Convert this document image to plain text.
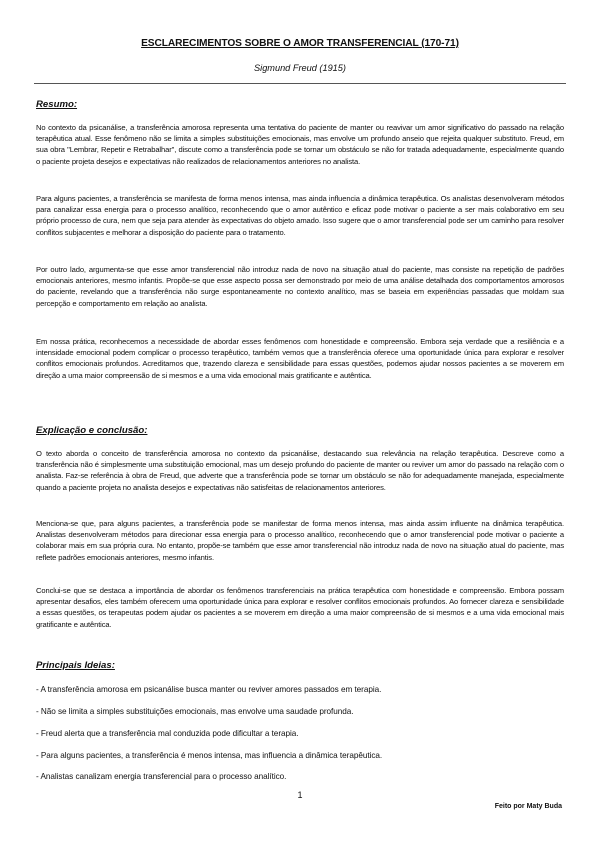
ESCLARECIMENTOS SOBRE O AMOR TRANSFERENCIAL (170-71)
Sigmund Freud (1915)
Resumo:

No contexto da psicanálise, a transferência amorosa representa uma tentativa do paciente de manter ou reavivar um amor significativo do passado na relação terapêutica atual. Esse fenômeno não se limita a simples substituições emocionais, mas envolve um profundo anseio que rejeita qualquer substituto. Freud, em sua obra "Lembrar, Repetir e Retrabalhar", discute como a transferência pode se tornar um obstáculo se não for tratada adequadamente, especialmente quando o paciente projeta desejos e expectativas não realizados de relacionamentos anteriores no analista.

Para alguns pacientes, a transferência se manifesta de forma menos intensa, mas ainda influencia a dinâmica terapêutica. Os analistas desenvolveram métodos para canalizar essa energia para o processo analítico, reconhecendo que o amor autêntico e eficaz pode motivar o paciente a ser mais colaborativo em seu próprio processo de cura, nem que seja para atender às expectativas do objeto amado. Isso sugere que o amor transferencial pode ser um caminho para resolver conflitos subjacentes e melhorar a disposição do paciente para o tratamento.

Por outro lado, argumenta-se que esse amor transferencial não introduz nada de novo na situação atual do paciente, mas consiste na repetição de padrões emocionais anteriores, mesmo infantis. Propõe-se que esse aspecto possa ser demonstrado por meio de uma análise detalhada dos comportamentos amorosos do paciente, revelando que a transferência não surge espontaneamente no contexto analítico, mas se baseia em experiências passadas que moldam sua percepção e comportamento em relação ao analista.

Em nossa prática, reconhecemos a necessidade de abordar esses fenômenos com honestidade e compreensão. Embora seja verdade que a resiliência e a intensidade emocional podem complicar o processo terapêutico, também vemos que a transferência oferece uma oportunidade única para explorar e resolver conflitos emocionais profundos. Acreditamos que, trazendo clareza e sensibilidade para essas questões, podemos ajudar nossos pacientes a se moverem em direção a uma maior compreensão de si mesmos e a uma vida emocional mais gratificante e autêntica.

Explicação e conclusão:

O texto aborda o conceito de transferência amorosa no contexto da psicanálise, destacando sua relevância na relação terapêutica. Descreve como a transferência não é simplesmente uma substituição emocional, mas um desejo profundo do paciente de manter ou reviver um amor do passado na relação com o analista. Faz-se referência à obra de Freud, que adverte que a transferência pode se tornar um obstáculo se não for adequadamente manejada, especialmente quando a paciente projeta no analista desejos e expectativas não satisfeitas de relacionamentos anteriores.

Menciona-se que, para alguns pacientes, a transferência pode se manifestar de forma menos intensa, mas ainda assim influente na dinâmica terapêutica. Analistas desenvolveram métodos para direcionar essa energia para o processo analítico, reconhecendo que o amor transferencial pode motivar o paciente a colaborar mais em sua própria cura. No entanto, propõe-se também que esse amor transferencial não introduz nada de novo na situação atual do paciente, mas reflete padrões emocionais anteriores, mesmo infantis.

Conclui-se que se destaca a importância de abordar os fenômenos transferenciais na prática terapêutica com honestidade e compreensão. Embora possam apresentar desafios, eles também oferecem uma oportunidade única para explorar e resolver conflitos emocionais profundos. Ao fornecer clareza e sensibilidade a essas questões, os terapeutas podem ajudar os pacientes a se moverem em direção a uma maior compreensão de si mesmos e a uma vida emocional mais gratificante e autêntica.

Principais Ideias:
- A transferência amorosa em psicanálise busca manter ou reviver amores passados em terapia.
- Não se limita a simples substituições emocionais, mas envolve uma saudade profunda.
- Freud alerta que a transferência mal conduzida pode dificultar a terapia.
- Para alguns pacientes, a transferência é menos intensa, mas influencia a dinâmica terapêutica.
- Analistas canalizam energia transferencial para o processo analítico.
1
Feito por Maty Buda
